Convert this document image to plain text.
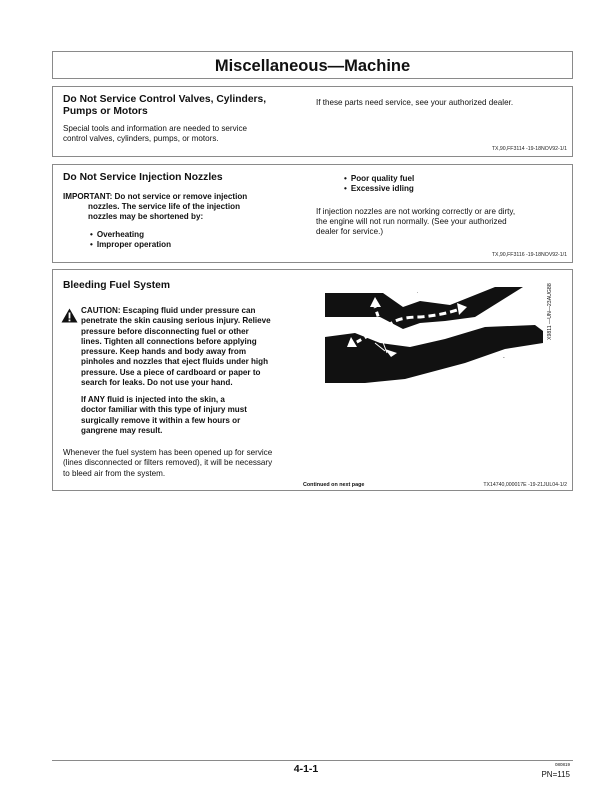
Miscellaneous—Machine

Do Not Service Control Valves, Cylinders,

Pumps or Motors

Special tools and information are needed to service

control valves, cylinders, pumps, or motors.

If these parts need service, see your authorized dealer.

TX,90,FF3114 -19-18NOV92-1/1

Do Not Service Injection Nozzles

IMPORTANT: Do not service or remove injection

nozzles. The service life of the injection

nozzles may be shortened by:

• Overheating
• Improper operation
• Poor quality fuel
• Excessive idling

If injection nozzles are not working correctly or are dirty,

the engine will not run normally. (See your authorized

dealer for service.)

TX,90,FF3116 -19-18NOV92-1/1

Bleeding Fuel System

CAUTION: Escaping fluid under pressure can

penetrate the skin causing serious injury. Relieve

pressure before disconnecting fuel or other

lines. Tighten all connections before applying

pressure. Keep hands and body away from

pinholes and nozzles that eject fluids under high

pressure. Use a piece of cardboard or paper to

search for leaks. Do not use your hand.

If ANY fluid is injected into the skin, a

doctor familiar with this type of injury must

surgically remove it within a few hours or

gangrene may result.

Whenever the fuel system has been opened up for service

(lines disconnected or filters removed), it will be necessary

to bleed air from the system.

.
-
X9811 —UN—23AUG88
Continued on next page	TX14740,000017E -19-21JUL04-1/2
4-1-1	080819
PN=115
